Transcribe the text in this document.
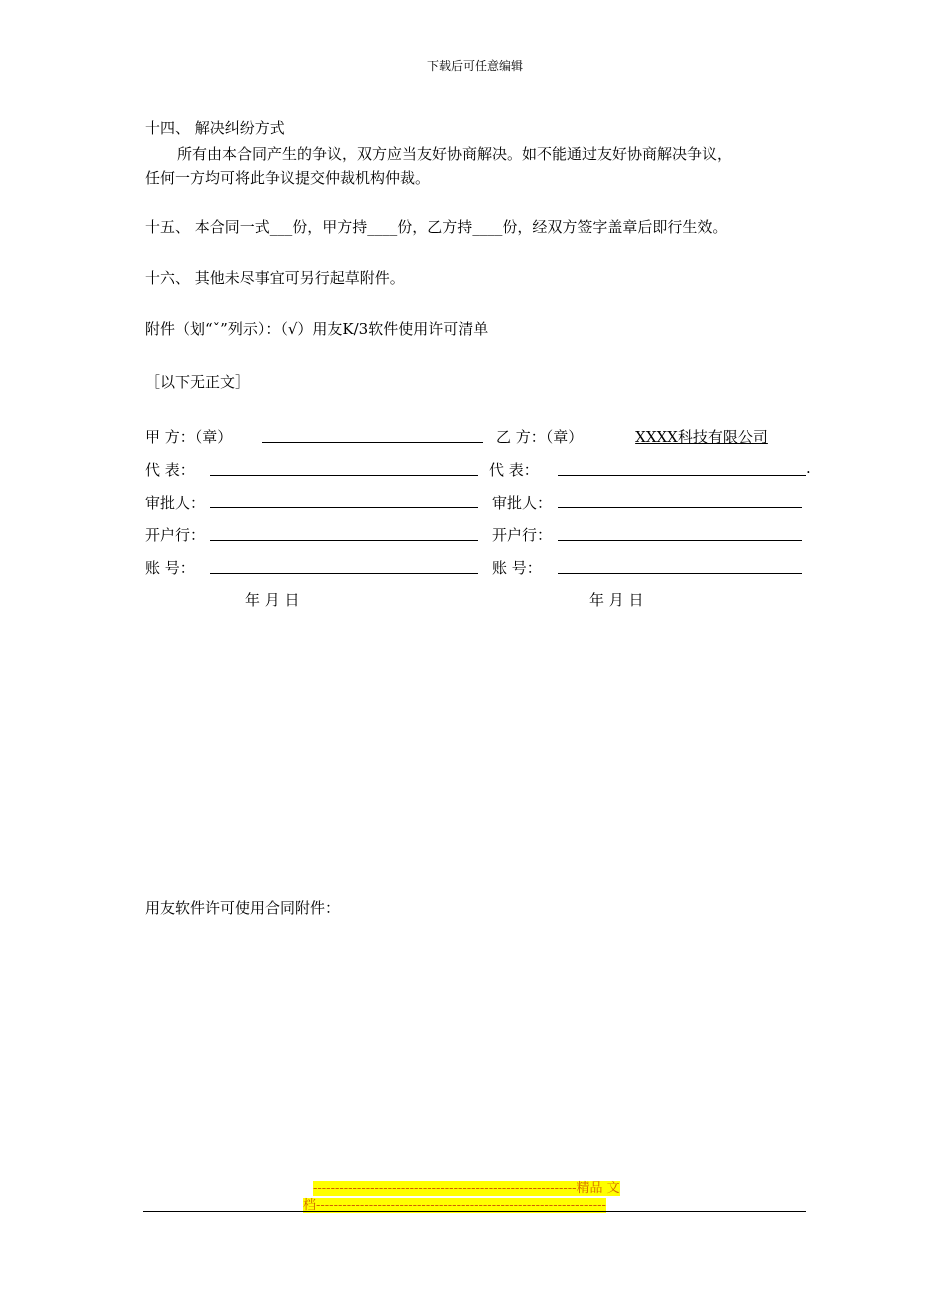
下载后可任意编辑
十四、 解决纠纷方式
所有由本合同产生的争议，双方应当友好协商解决。如不能通过友好协商解决争议，
任何一方均可将此争议提交仲裁机构仲裁。
十五、 本合同一式___份，甲方持____份，乙方持____份，经双方签字盖章后即行生效。
十六、 其他未尽事宜可另行起草附件。
附件（划“ˇ”列示）：（√）用友K/3软件使用许可清单
［以下无正文］
甲 方：（章）	乙 方：（章）	XXXX科技有限公司
代 表：	代 表：	.
审批人：	审批人：
开户行：	开户行：
账 号：	账 号：
年 月 日	年 月 日
用友软件许可使用合同附件：
------------------------------------------------------------精品 文
档------------------------------------------------------------------
